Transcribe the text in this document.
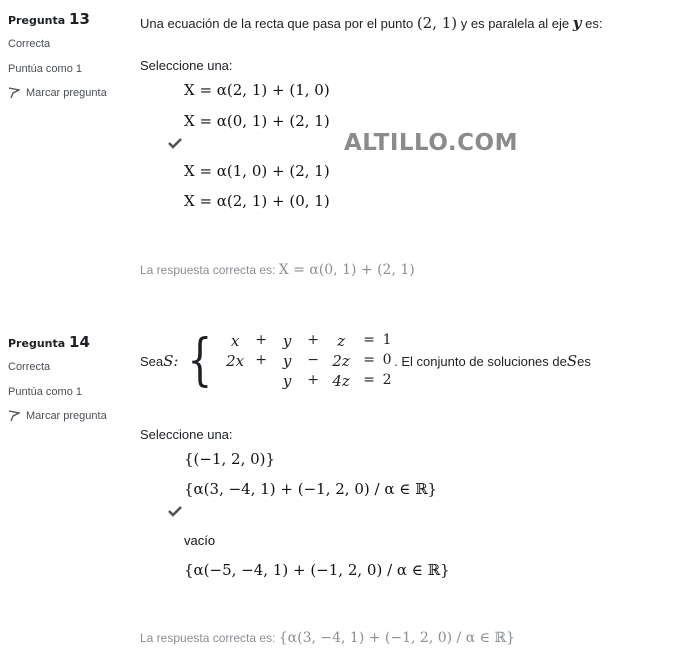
ALTILLO.COM
Pregunta 13
Correcta
Puntúa como 1
Marcar pregunta
Una ecuación de la recta que pasa por el punto (2, 1) y es paralela al eje y es:
Seleccione una:
X = α(2, 1) + (1, 0)
X = α(0, 1) + (2, 1)
X = α(1, 0) + (2, 1)
X = α(2, 1) + (0, 1)
La respuesta correcta es: X = α(0, 1) + (2, 1)
Pregunta 14
Correcta
Puntúa como 1
Marcar pregunta
Sea S: {	x	+	y	+	z	= 1
2x +	y	− 2z = 0
y	+ 4z = 2
. El conjunto de soluciones de S es
Seleccione una:
{(−1, 2, 0)}
{α(3, −4, 1) + (−1, 2, 0) / α ∈ ℝ}
vacío
{α(−5, −4, 1) + (−1, 2, 0) / α ∈ ℝ}
La respuesta correcta es: {α(3, −4, 1) + (−1, 2, 0) / α ∈ ℝ}
